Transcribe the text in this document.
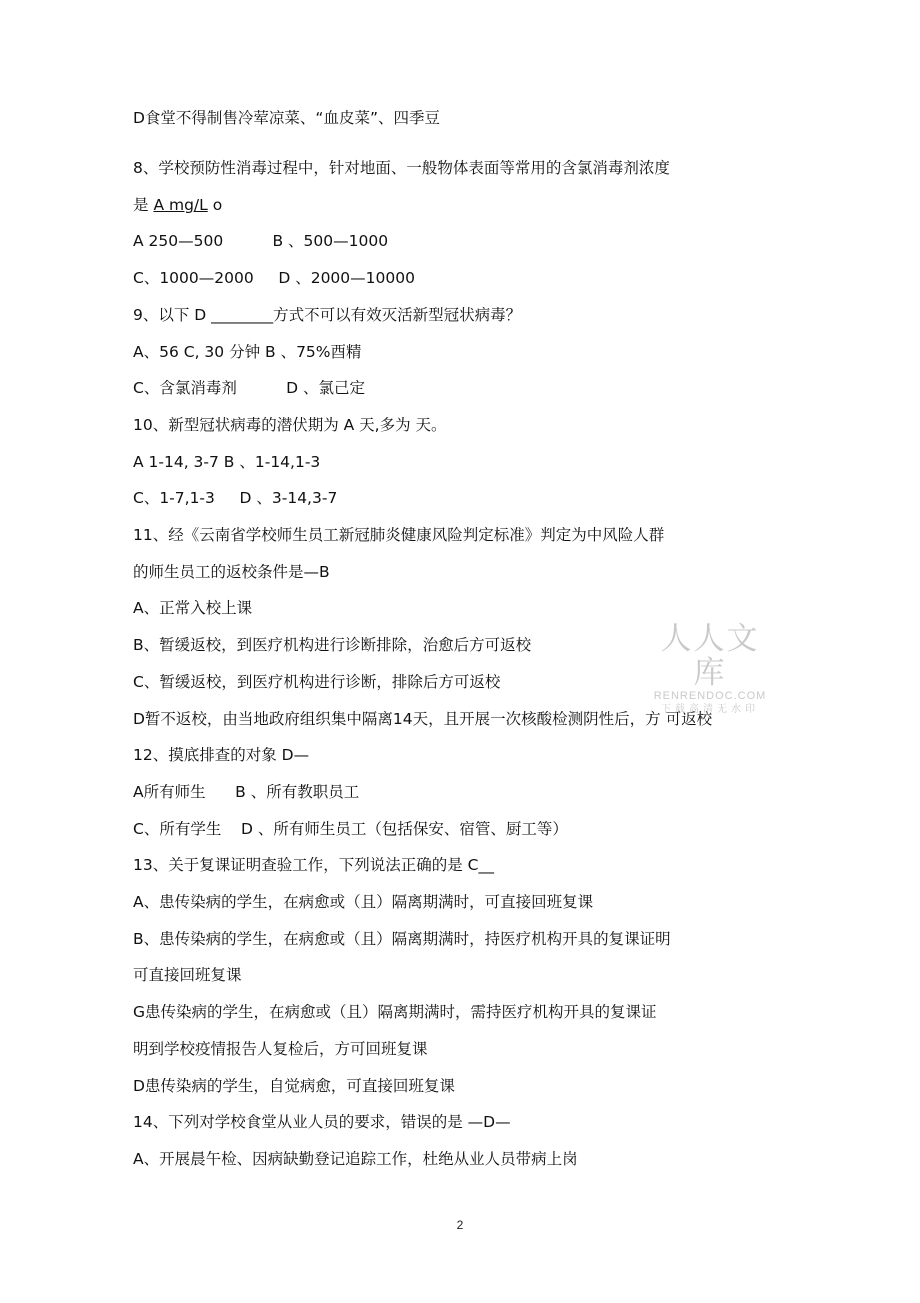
D食堂不得制售冷荤凉菜、“血皮菜”、四季豆
8、学校预防性消毒过程中，针对地面、一般物体表面等常用的含氯消毒剂浓度
是 A mg/L o
A 250—500          B 、500—1000
C、1000—2000     D 、2000—10000
9、以下 D ________方式不可以有效灭活新型冠状病毒？
A、56 C, 30 分钟 B 、75%酉精
C、含氯消毒剂          D 、氯己定
10、新型冠状病毒的潜伏期为 A 天,多为 天。
A 1-14, 3-7 B 、1-14,1-3
C、1-7,1-3     D 、3-14,3-7
11、经《云南省学校师生员工新冠肺炎健康风险判定标准》判定为中风险人群
的师生员工的返校条件是—B
A、正常入校上课
B、暂缓返校，到医疗机构进行诊断排除，治愈后方可返校
C、暂缓返校，到医疗机构进行诊断，排除后方可返校
D暂不返校，由当地政府组织集中隔离14天，且开展一次核酸检测阴性后，方 可返校
12、摸底排查的对象 D—
A所有师生      B 、所有教职员工
C、所有学生    D 、所有师生员工（包括保安、宿管、厨工等）
13、关于复课证明查验工作，下列说法正确的是 C__
A、患传染病的学生，在病愈或（且）隔离期满时，可直接回班复课
B、患传染病的学生，在病愈或（且）隔离期满时，持医疗机构开具的复课证明
可直接回班复课
G患传染病的学生，在病愈或（且）隔离期满时，需持医疗机构开具的复课证
明到学校疫情报告人复检后，方可回班复课
D患传染病的学生，自觉病愈，可直接回班复课
14、下列对学校食堂从业人员的要求，错误的是 —D—
A、开展晨午检、因病缺勤登记追踪工作，杜绝从业人员带病上岗
人人文库
RENRENDOC.COM
下载高清无水印
2
